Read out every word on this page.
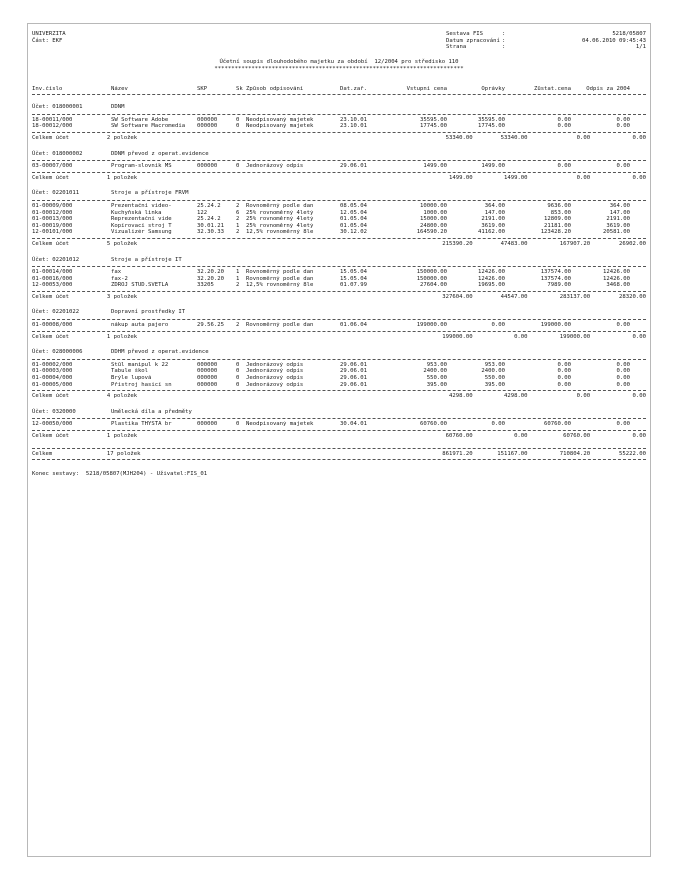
UNIVERZITA
Část: EKF
Sestava FIS	:	5218/05807
Datum zpracování :	04.06.2010 09:45:43
Strana	:	1/1
Účetní soupis dlouhodobého majetku za období  12/2004 pro středisko 110
**************************************************************************
Inv.číslo	Název	SKP	Sk Způsob odpisování	Dat.zař.	Vstupní cena	Oprávky	Zůstat.cena	Odpis za 2004
Účet: 018000001	DDNM
18-00011/000	SW Software Adobe	000000	0	Neodpisovaný majetek	23.10.01	35595.00	35595.00	0.00	0.00
18-00012/000	SW Software Macromedia	000000	0	Neodpisovaný majetek	23.10.01	17745.00	17745.00	0.00	0.00
Celkem účet	2 položek	53340.00	53340.00	0.00	0.00
Účet: 018000002	DDNM převod z operat.evidence
03-00007/000	Program-slovník MS	000000	0	Jednorázový odpis	29.06.01	1499.00	1499.00	0.00	0.00
Celkem účet	1 položek	1499.00	1499.00	0.00	0.00
Účet: 02201011	Stroje a přístroje FRVM
01-00009/000	Prezentační video-	25.24.2	2	Rovnoměrný podle dan	08.05.04	10000.00	364.00	9636.00	364.00
01-00012/000	Kuchyňská linka	122	6	25% rovnoměrný 4letý	12.05.04	1000.00	147.00	853.00	147.00
01-00013/000	Reprezentační vide	25.24.2	2	25% rovnoměrný 4letý	01.05.04	15000.00	2191.00	12809.00	2191.00
01-00019/000	Kopírovací stroj T	30.01.21	1	25% rovnoměrný 4letý	01.05.04	24800.00	3619.00	21181.00	3619.00
12-00101/000	Vizualizér Samsung	32.30.33	2	12,5% rovnoměrný 8le	30.12.02	164590.20	41162.00	123428.20	20581.00
Celkem účet	5 položek	215390.20	47483.00	167907.20	26902.00
Účet: 02201012	Stroje a přístroje IT
01-00014/000	fax	32.20.20	1	Rovnoměrný podle dan	15.05.04	150000.00	12426.00	137574.00	12426.00
01-00016/000	fax-2	32.20.20	1	Rovnoměrný podle dan	15.05.04	150000.00	12426.00	137574.00	12426.00
12-00053/000	ZDROJ STUD.SVĚTLA	33205	2	12,5% rovnoměrný 8le	01.07.99	27604.00	19695.00	7989.00	3468.00
Celkem účet	3 položek	327604.00	44547.00	283137.00	28320.00
Účet: 02201022	Dopravní prostředky IT
01-00008/000	nákup auta pajero	29.56.25	2	Rovnoměrný podle dan	01.06.04	199000.00	0.00	199000.00	0.00
Celkem účet	1 položek	199000.00	0.00	199000.00	0.00
Účet: 028000006	DDHM převod z operat.evidence
01-00002/000	Stůl manipul k 22	000000	0	Jednorázový odpis	29.06.01	953.00	953.00	0.00	0.00
01-00003/000	Tabule škol	000000	0	Jednorázový odpis	29.06.01	2400.00	2400.00	0.00	0.00
01-00004/000	Brýle lupová	000000	0	Jednorázový odpis	29.06.01	550.00	550.00	0.00	0.00
01-00005/000	Přístroj hasicí sn	000000	0	Jednorázový odpis	29.06.01	395.00	395.00	0.00	0.00
Celkem účet	4 položek	4298.00	4298.00	0.00	0.00
Účet: 0320000	Umělecká díla a předměty
12-00050/000	Plastika THYSTA br	000000	0	Neodpisovaný majetek	30.04.01	60760.00	0.00	60760.00	0.00
Celkem účet	1 položek	60760.00	0.00	60760.00	0.00
Celkem	17 položek	861971.20	151167.00	710804.20	55222.00
Konec sestavy:  5218/05807(MJH204) - Uživatel:FIS_01
